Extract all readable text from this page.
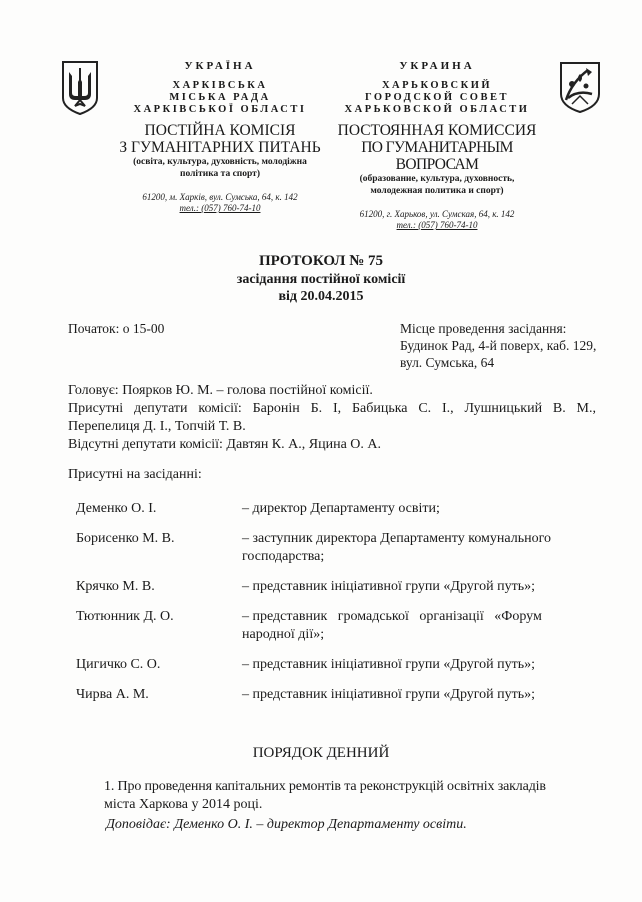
УКРАЇНА
ХАРКІВСЬКА
МІСЬКА РАДА
ХАРКІВСЬКОЇ ОБЛАСТІ
ПОСТІЙНА КОМІСІЯ
З ГУМАНІТАРНИХ ПИТАНЬ
(освіта, культура, духовність, молодіжна
політика та спорт)
61200, м. Харків, вул. Сумська, 64, к. 142
тел.: (057) 760-74-10
УКРАИНА
ХАРЬКОВСКИЙ
ГОРОДСКОЙ СОВЕТ
ХАРЬКОВСКОЙ ОБЛАСТИ
ПОСТОЯННАЯ КОМИССИЯ
ПО ГУМАНИТАРНЫМ ВОПРОСАМ
(образование, культура, духовность,
молодежная политика и спорт)
61200, г. Харьков, ул. Сумская, 64, к. 142
тел.: (057) 760-74-10
ПРОТОКОЛ № 75
засідання постійної комісії
від 20.04.2015
Початок: о 15-00	Місце проведення засідання:
Будинок Рад, 4-й поверх, каб. 129,
вул. Сумська, 64
Головує: Поярков Ю. М. – голова постійної комісії.
Присутні депутати комісії: Баронін Б. І, Бабицька С. І., Лушницький В. М.,
Перепелиця Д. І., Топчій Т. В.
Відсутні депутати комісії: Давтян К. А., Яцина О. А.
Присутні на засіданні:
Деменко О. І.	– директор Департаменту освіти;
Борисенко М. В.	– заступник директора Департаменту комунального
господарства;
Крячко М. В.	– представник ініціативної групи «Другой путь»;
Тютюнник Д. О.	– представник   громадської   організації   «Форум
народної дії»;
Цигичко С. О.	– представник ініціативної групи «Другой путь»;
Чирва А. М.	– представник ініціативної групи «Другой путь»;
ПОРЯДОК ДЕННИЙ
1. Про проведення капітальних ремонтів та реконструкцій освітніх закладів
міста Харкова у 2014 році.
Доповідає: Деменко О. І. – директор Департаменту освіти.
